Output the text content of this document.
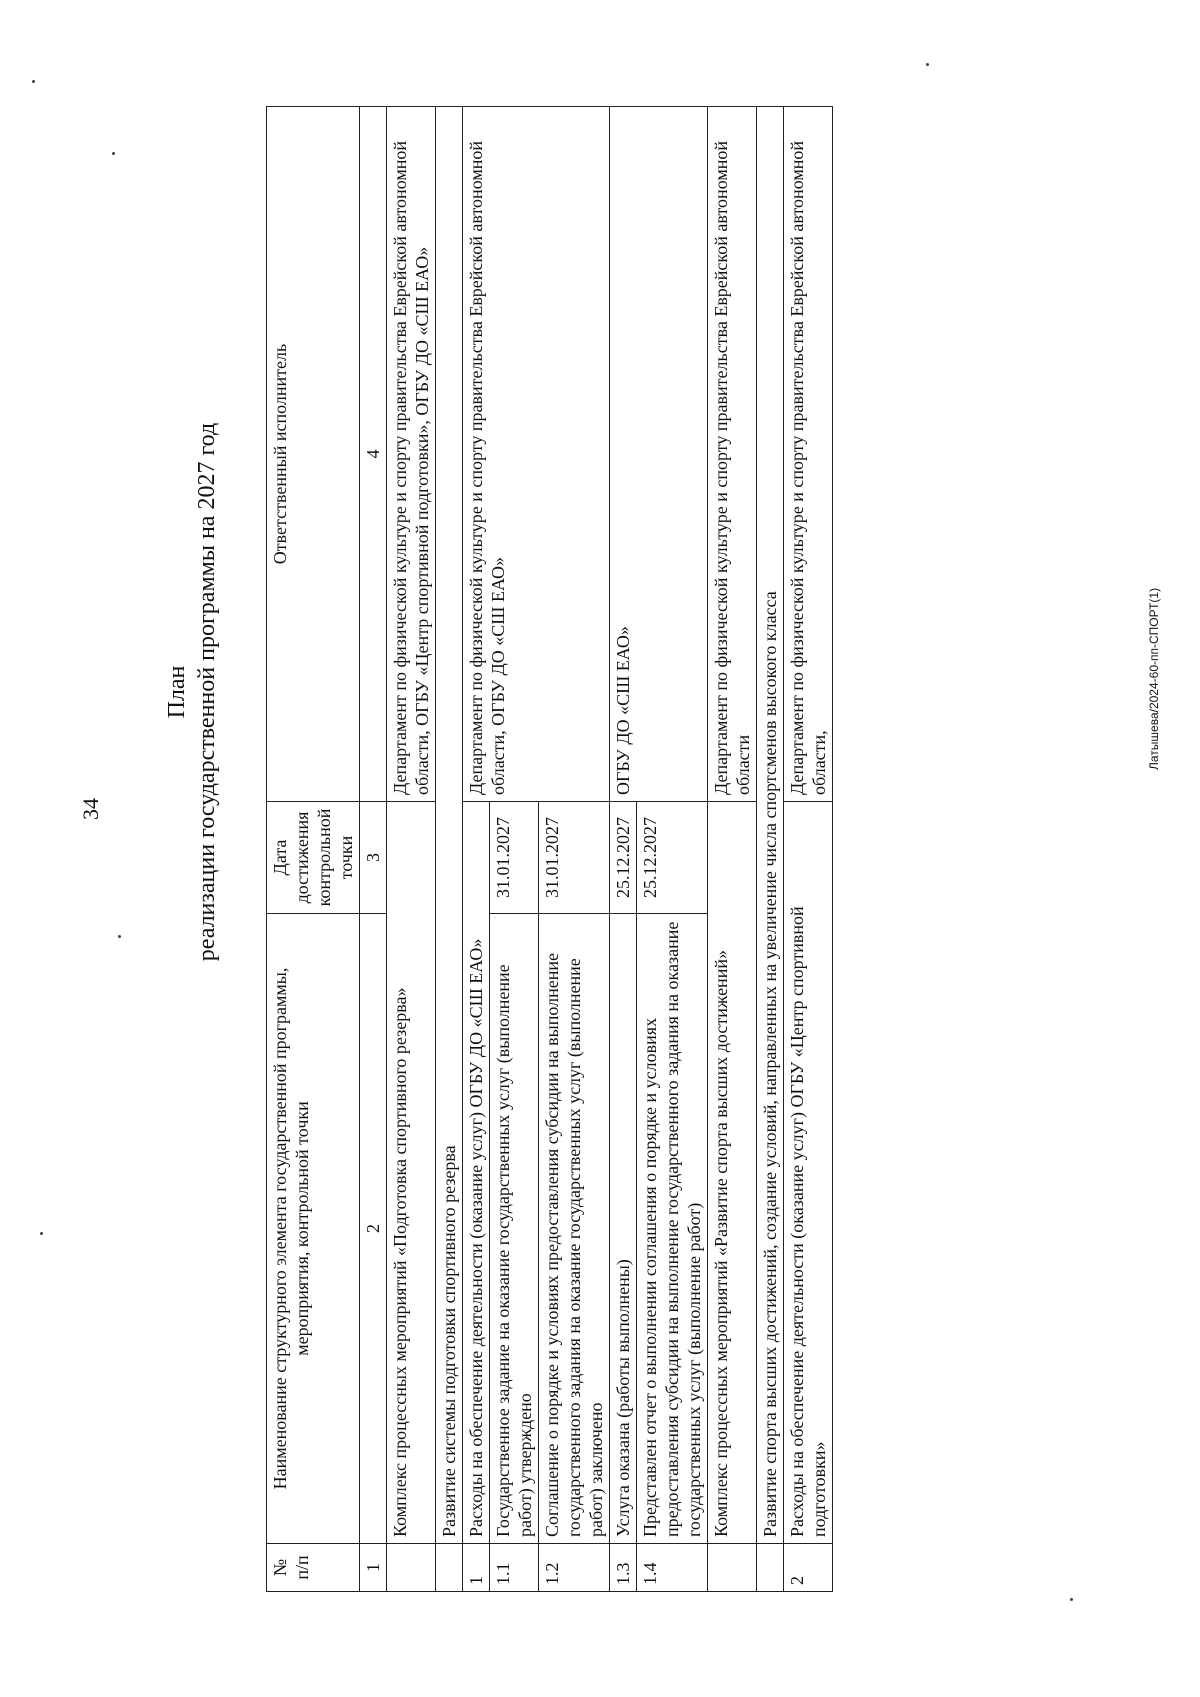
34
План реализации государственной программы на 2027 год	Латышева/2024-60-пп-СПОРТ(1)
№ п/п	Наименование структурного элемента государственной программы, мероприятия, контрольной точки	Дата достижения контрольной точки	Ответственный исполнитель
1	2	3	4
	Комплекс процессных мероприятий «Подготовка спортивного резерва»		Департамент по физической культуре и спорту правительства Еврейской автономной области, ОГБУ «Центр спортивной подготовки», ОГБУ ДО «СШ ЕАО»
	Развитие системы подготовки спортивного резерва		
1	Расходы на обеспечение деятельности (оказание услуг) ОГБУ ДО «СШ ЕАО»		Департамент по физической культуре и спорту правительства Еврейской автономной области, ОГБУ ДО «СШ ЕАО»
1.1	Государственное задание на оказание государственных услуг (выполнение работ) утверждено	31.01.2027	
1.2	Соглашение о порядке и условиях предоставления субсидии на выполнение государственного задания на оказание государственных услуг (выполнение работ) заключено	31.01.2027	
1.3	Услуга оказана (работы выполнены)	25.12.2027	ОГБУ ДО «СШ ЕАО»
1.4	Представлен отчет о выполнении соглашения о порядке и условиях предоставления субсидии на выполнение государственного задания на оказание государственных услуг (выполнение работ)	25.12.2027	
	Комплекс процессных мероприятий «Развитие спорта высших достижений»		Департамент по физической культуре и спорту правительства Еврейской автономной области
	Развитие спорта высших достижений, создание условий, направленных на увеличение числа спортсменов высокого класса		
2	Расходы на обеспечение деятельности (оказание услуг) ОГБУ «Центр спортивной подготовки»		Департамент по физической культуре и спорту правительства Еврейской автономной области,
